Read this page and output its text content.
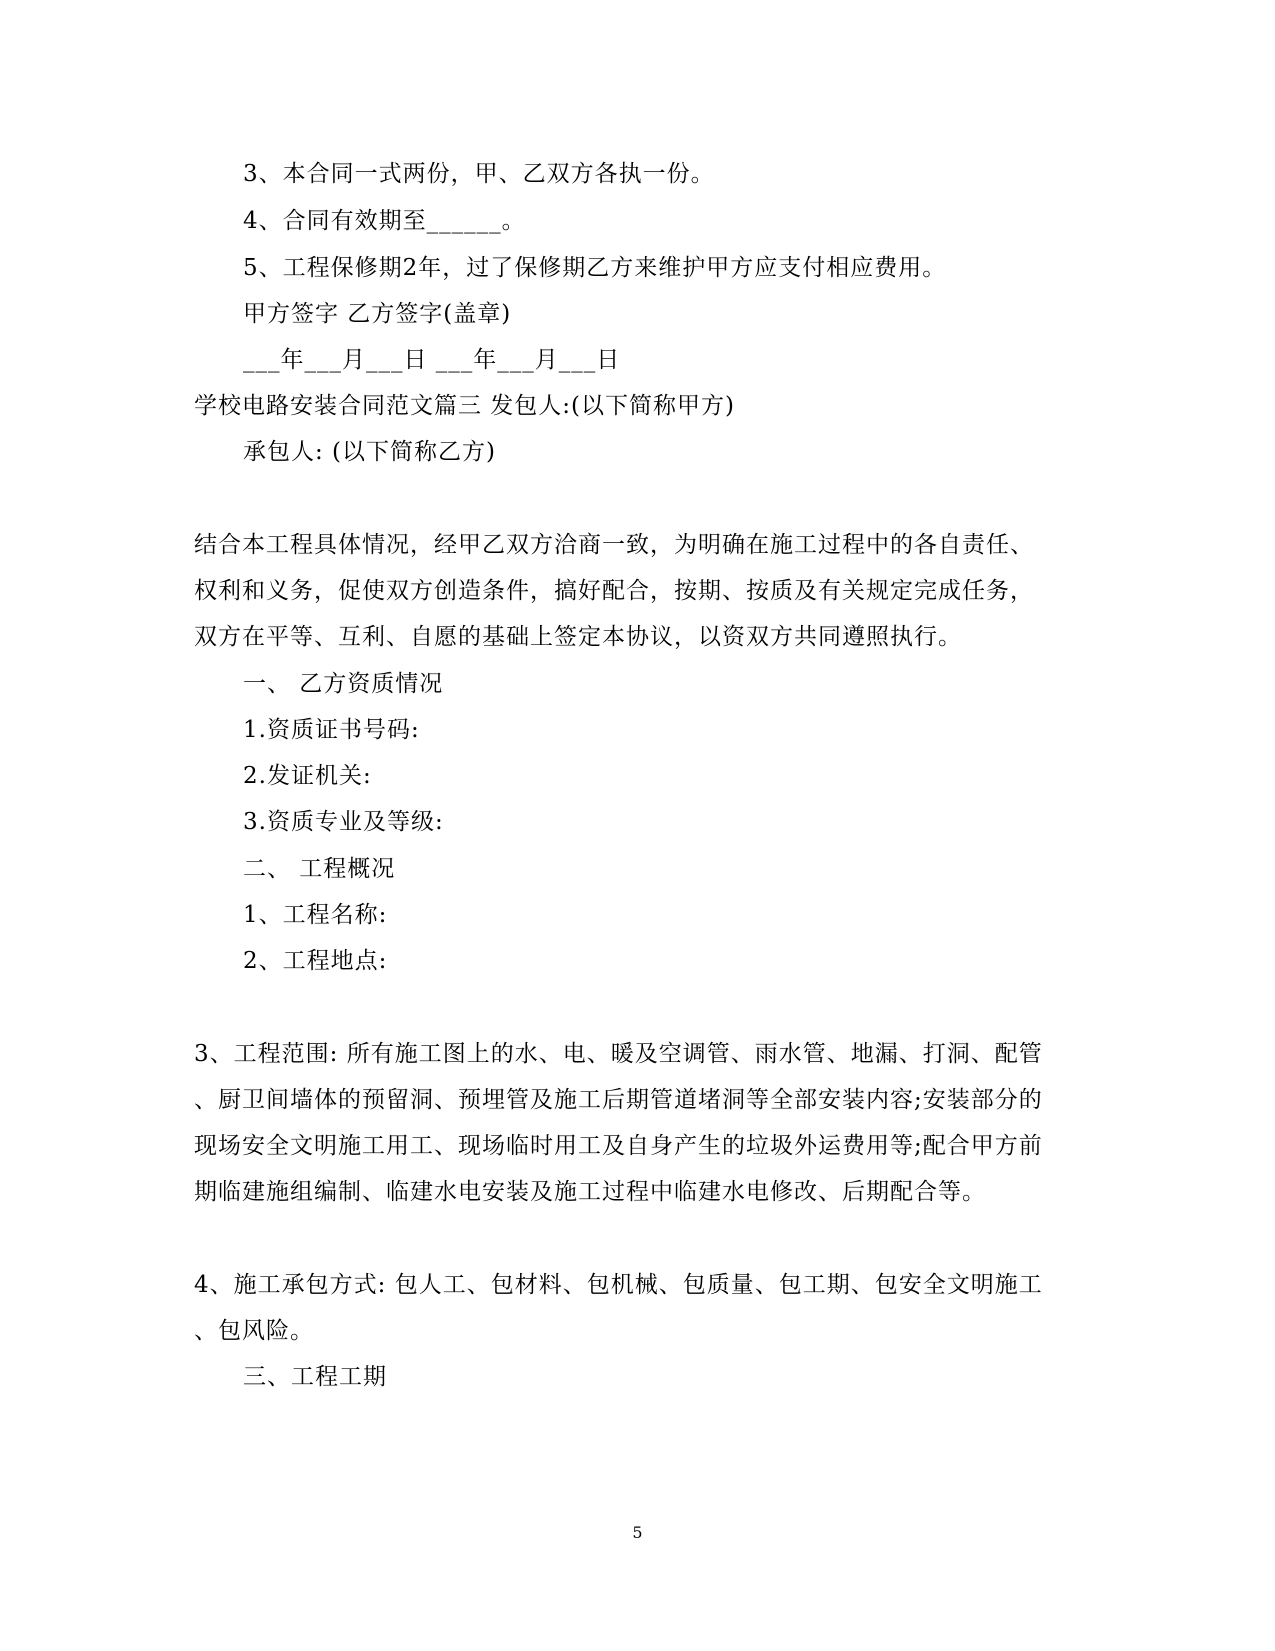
3、本合同一式两份，甲、乙双方各执一份。
4、合同有效期至______。
5、工程保修期2年，过了保修期乙方来维护甲方应支付相应费用。
甲方签字 乙方签字(盖章)
___年___月___日 ___年___月___日
学校电路安装合同范文篇三 发包人:(以下简称甲方)
承包人: (以下简称乙方)
结合本工程具体情况，经甲乙双方洽商一致，为明确在施工过程中的各自责任、
权利和义务，促使双方创造条件，搞好配合，按期、按质及有关规定完成任务，
双方在平等、互利、自愿的基础上签定本协议，以资双方共同遵照执行。
一、 乙方资质情况
1.资质证书号码:
2.发证机关:
3.资质专业及等级:
二、 工程概况
1、工程名称:
2、工程地点:
3、工程范围: 所有施工图上的水、电、暖及空调管、雨水管、地漏、打洞、配管
、厨卫间墙体的预留洞、预埋管及施工后期管道堵洞等全部安装内容;安装部分的
现场安全文明施工用工、现场临时用工及自身产生的垃圾外运费用等;配合甲方前
期临建施组编制、临建水电安装及施工过程中临建水电修改、后期配合等。
4、施工承包方式: 包人工、包材料、包机械、包质量、包工期、包安全文明施工
、包风险。
三、工程工期
5
